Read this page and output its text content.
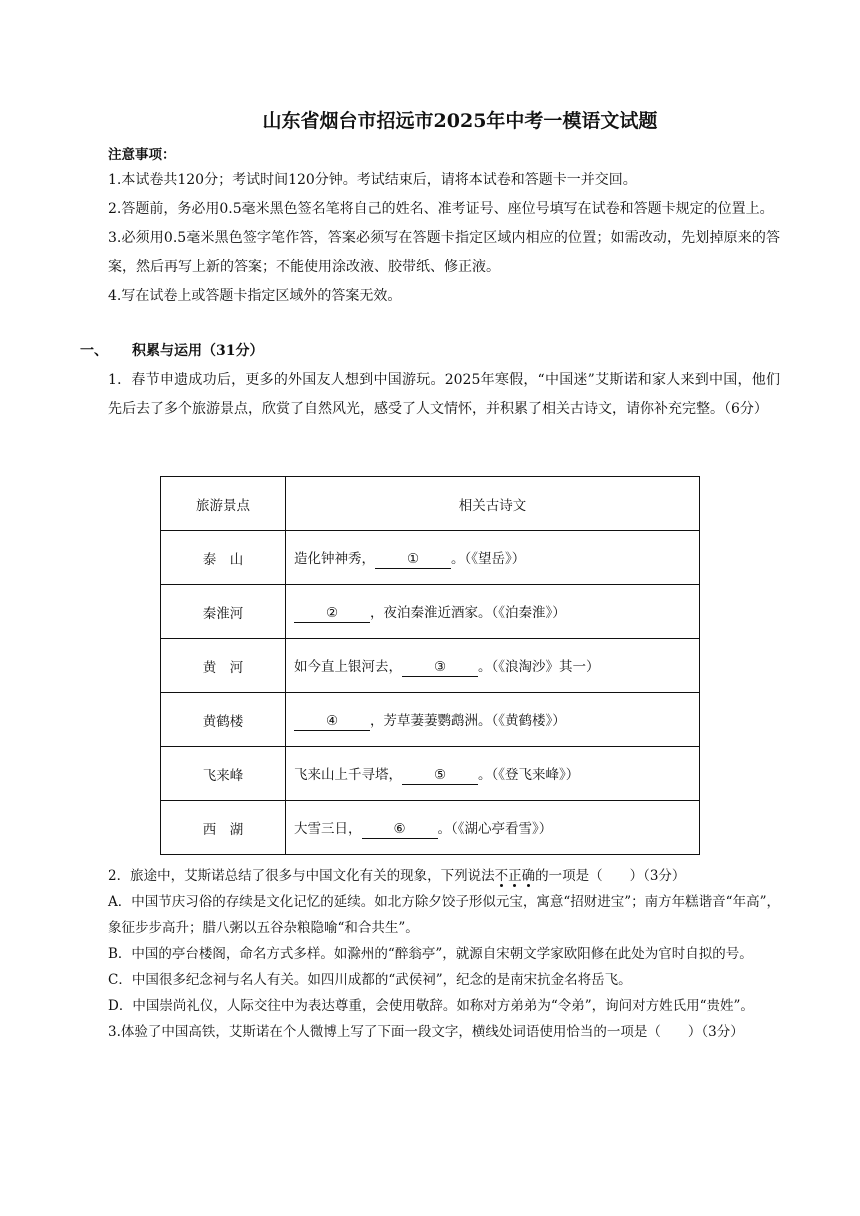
山东省烟台市招远市2025年中考一模语文试题
注意事项：
1.本试卷共120分；考试时间120分钟。考试结束后，请将本试卷和答题卡一并交回。
2.答题前，务必用0.5毫米黑色签名笔将自己的姓名、准考证号、座位号填写在试卷和答题卡规定的位置上。
3.必须用0.5毫米黑色签字笔作答，答案必须写在答题卡指定区域内相应的位置；如需改动，先划掉原来的答案，然后再写上新的答案；不能使用涂改液、胶带纸、修正液。
4.写在试卷上或答题卡指定区域外的答案无效。
一、 积累与运用（31分）
1．春节申遗成功后，更多的外国友人想到中国游玩。2025年寒假，“中国迷”艾斯诺和家人来到中国，他们先后去了多个旅游景点，欣赏了自然风光，感受了人文情怀，并积累了相关古诗文，请你补充完整。（6分）
旅游景点	相关古诗文
泰　山	造化钟神秀， ① 。（《望岳》）
秦淮河	② ，夜泊秦淮近酒家。（《泊秦淮》）
黄　河	如今直上银河去， ③ 。（《浪淘沙》其一）
黄鹤楼	④ ，芳草萋萋鹦鹉洲。（《黄鹤楼》）
飞来峰	飞来山上千寻塔， ⑤ 。（《登飞来峰》）
西　湖	大雪三日， ⑥ 。（《湖心亭看雪》）
2．旅途中，艾斯诺总结了很多与中国文化有关的现象，下列说法不正确的一项是（　　）（3分）
A．中国节庆习俗的存续是文化记忆的延续。如北方除夕饺子形似元宝，寓意“招财进宝”；南方年糕谐音“年高”，象征步步高升；腊八粥以五谷杂粮隐喻“和合共生”。
B．中国的亭台楼阁，命名方式多样。如滁州的“醉翁亭”，就源自宋朝文学家欧阳修在此处为官时自拟的号。
C．中国很多纪念祠与名人有关。如四川成都的“武侯祠”，纪念的是南宋抗金名将岳飞。
D．中国崇尚礼仪，人际交往中为表达尊重，会使用敬辞。如称对方弟弟为“令弟”，询问对方姓氏用“贵姓”。
3.体验了中国高铁，艾斯诺在个人微博上写了下面一段文字，横线处词语使用恰当的一项是（　　）（3分）
